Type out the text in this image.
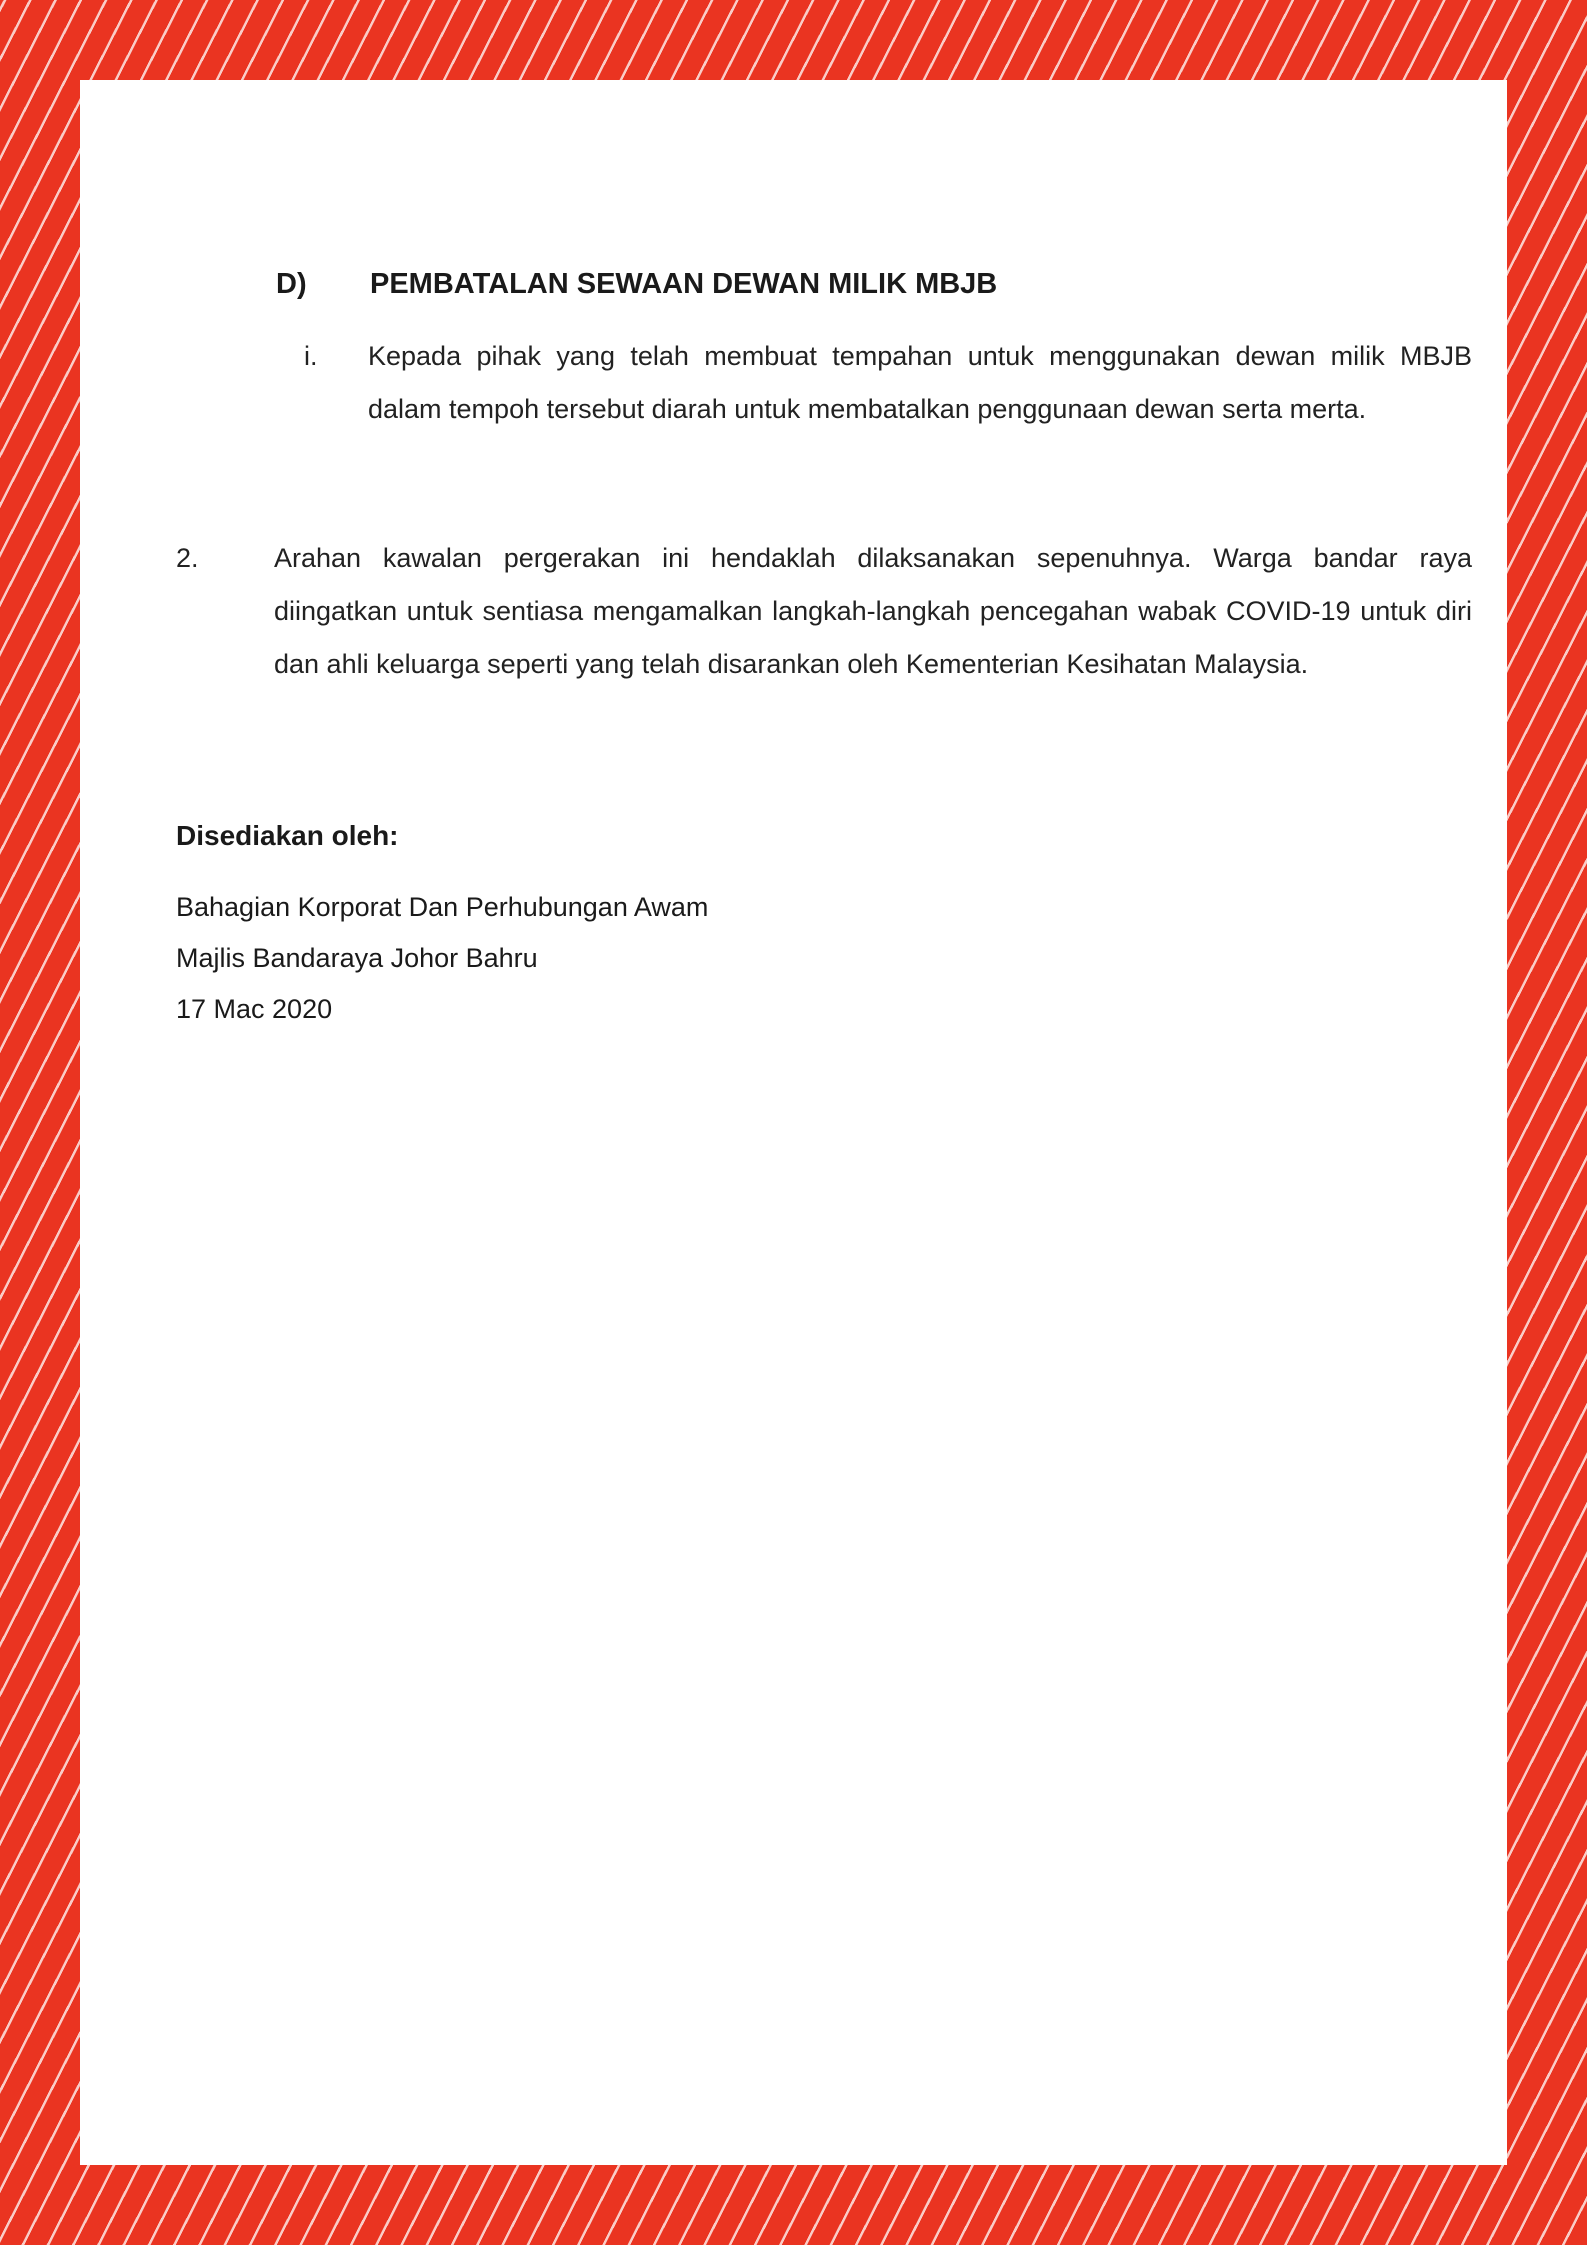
D) PEMBATALAN SEWAAN DEWAN MILIK MBJB
i. Kepada pihak yang telah membuat tempahan untuk menggunakan dewan milik MBJB dalam tempoh tersebut diarah untuk membatalkan penggunaan dewan serta merta.

2.	Arahan kawalan pergerakan ini hendaklah dilaksanakan sepenuhnya. Warga bandar raya diingatkan untuk sentiasa mengamalkan langkah-langkah pencegahan wabak COVID-19 untuk diri dan ahli keluarga seperti yang telah disarankan oleh Kementerian Kesihatan Malaysia.

Disediakan oleh:
Bahagian Korporat Dan Perhubungan Awam
Majlis Bandaraya Johor Bahru
17 Mac 2020
